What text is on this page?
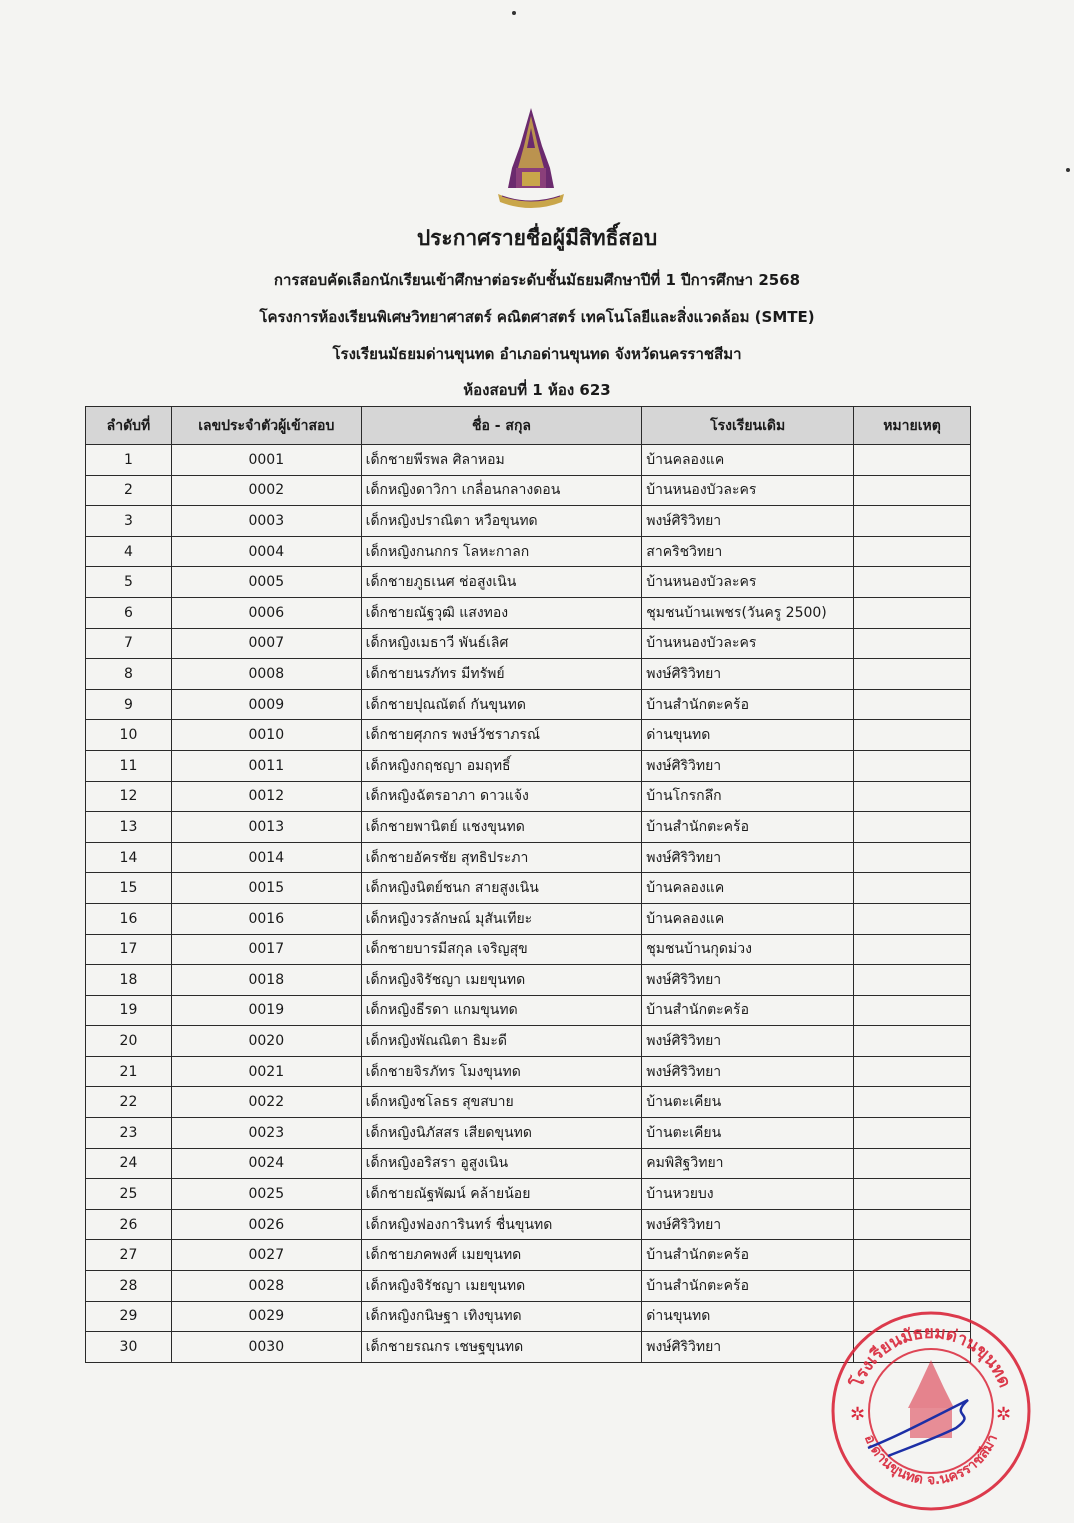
ประกาศรายชื่อผู้มีสิทธิ์สอบ
การสอบคัดเลือกนักเรียนเข้าศึกษาต่อระดับชั้นมัธยมศึกษาปีที่ 1 ปีการศึกษา 2568
โครงการห้องเรียนพิเศษวิทยาศาสตร์ คณิตศาสตร์ เทคโนโลยีและสิ่งแวดล้อม (SMTE)
โรงเรียนมัธยมด่านขุนทด อำเภอด่านขุนทด จังหวัดนครราชสีมา
ห้องสอบที่ 1 ห้อง 623
ลำดับที่	เลขประจำตัวผู้เข้าสอบ	ชื่อ - สกุล	โรงเรียนเดิม	หมายเหตุ
1	0001	เด็กชายพีรพล ศิลาหอม	บ้านคลองแค	
2	0002	เด็กหญิงดาวิกา เกลื่อนกลางดอน	บ้านหนองบัวละคร	
3	0003	เด็กหญิงปราณิตา หวือขุนทด	พงษ์ศิริวิทยา	
4	0004	เด็กหญิงกนกกร โลหะกาลก	สาคริชวิทยา	
5	0005	เด็กชายภูธเนศ ช่อสูงเนิน	บ้านหนองบัวละคร	
6	0006	เด็กชายณัฐวุฒิ แสงทอง	ชุมชนบ้านเพชร(วันครู 2500)	
7	0007	เด็กหญิงเมธาวี พันธ์เลิศ	บ้านหนองบัวละคร	
8	0008	เด็กชายนรภัทร มีทรัพย์	พงษ์ศิริวิทยา	
9	0009	เด็กชายปุณณัตถ์ กันขุนทด	บ้านสำนักตะคร้อ	
10	0010	เด็กชายศุภกร พงษ์วัชราภรณ์	ด่านขุนทด	
11	0011	เด็กหญิงกฤชญา อมฤทธิ์	พงษ์ศิริวิทยา	
12	0012	เด็กหญิงฉัตรอาภา ดาวแจ้ง	บ้านโกรกลึก	
13	0013	เด็กชายพานิตย์ แชงขุนทด	บ้านสำนักตะคร้อ	
14	0014	เด็กชายอัครชัย สุทธิประภา	พงษ์ศิริวิทยา	
15	0015	เด็กหญิงนิตย์ชนก สายสูงเนิน	บ้านคลองแค	
16	0016	เด็กหญิงวรลักษณ์ มุสันเทียะ	บ้านคลองแค	
17	0017	เด็กชายบารมีสกุล เจริญสุข	ชุมชนบ้านกุดม่วง	
18	0018	เด็กหญิงจิรัชญา เมยขุนทด	พงษ์ศิริวิทยา	
19	0019	เด็กหญิงธีรดา แกมขุนทด	บ้านสำนักตะคร้อ	
20	0020	เด็กหญิงพัณณิตา ธิมะดี	พงษ์ศิริวิทยา	
21	0021	เด็กชายจิรภัทร โมงขุนทด	พงษ์ศิริวิทยา	
22	0022	เด็กหญิงชโลธร สุขสบาย	บ้านตะเคียน	
23	0023	เด็กหญิงนิภัสสร เสียดขุนทด	บ้านตะเคียน	
24	0024	เด็กหญิงอริสรา อูสูงเนิน	คมพิสิฐวิทยา	
25	0025	เด็กชายณัฐพัฒน์ คล้ายน้อย	บ้านหวยบง	
26	0026	เด็กหญิงฟองการินทร์ ชื่นขุนทด	พงษ์ศิริวิทยา	
27	0027	เด็กชายภคพงศ์ เมยขุนทด	บ้านสำนักตะคร้อ	
28	0028	เด็กหญิงจิรัชญา เมยขุนทด	บ้านสำนักตะคร้อ	
29	0029	เด็กหญิงกนิษฐา เทิงขุนทด	ด่านขุนทด	
30	0030	เด็กชายรณกร เชษฐขุนทด	พงษ์ศิริวิทยา	
โรงเรียนมัธยมด่านขุนทด
อ.ด่านขุนทด จ.นครราชสีมา
✲	✲
